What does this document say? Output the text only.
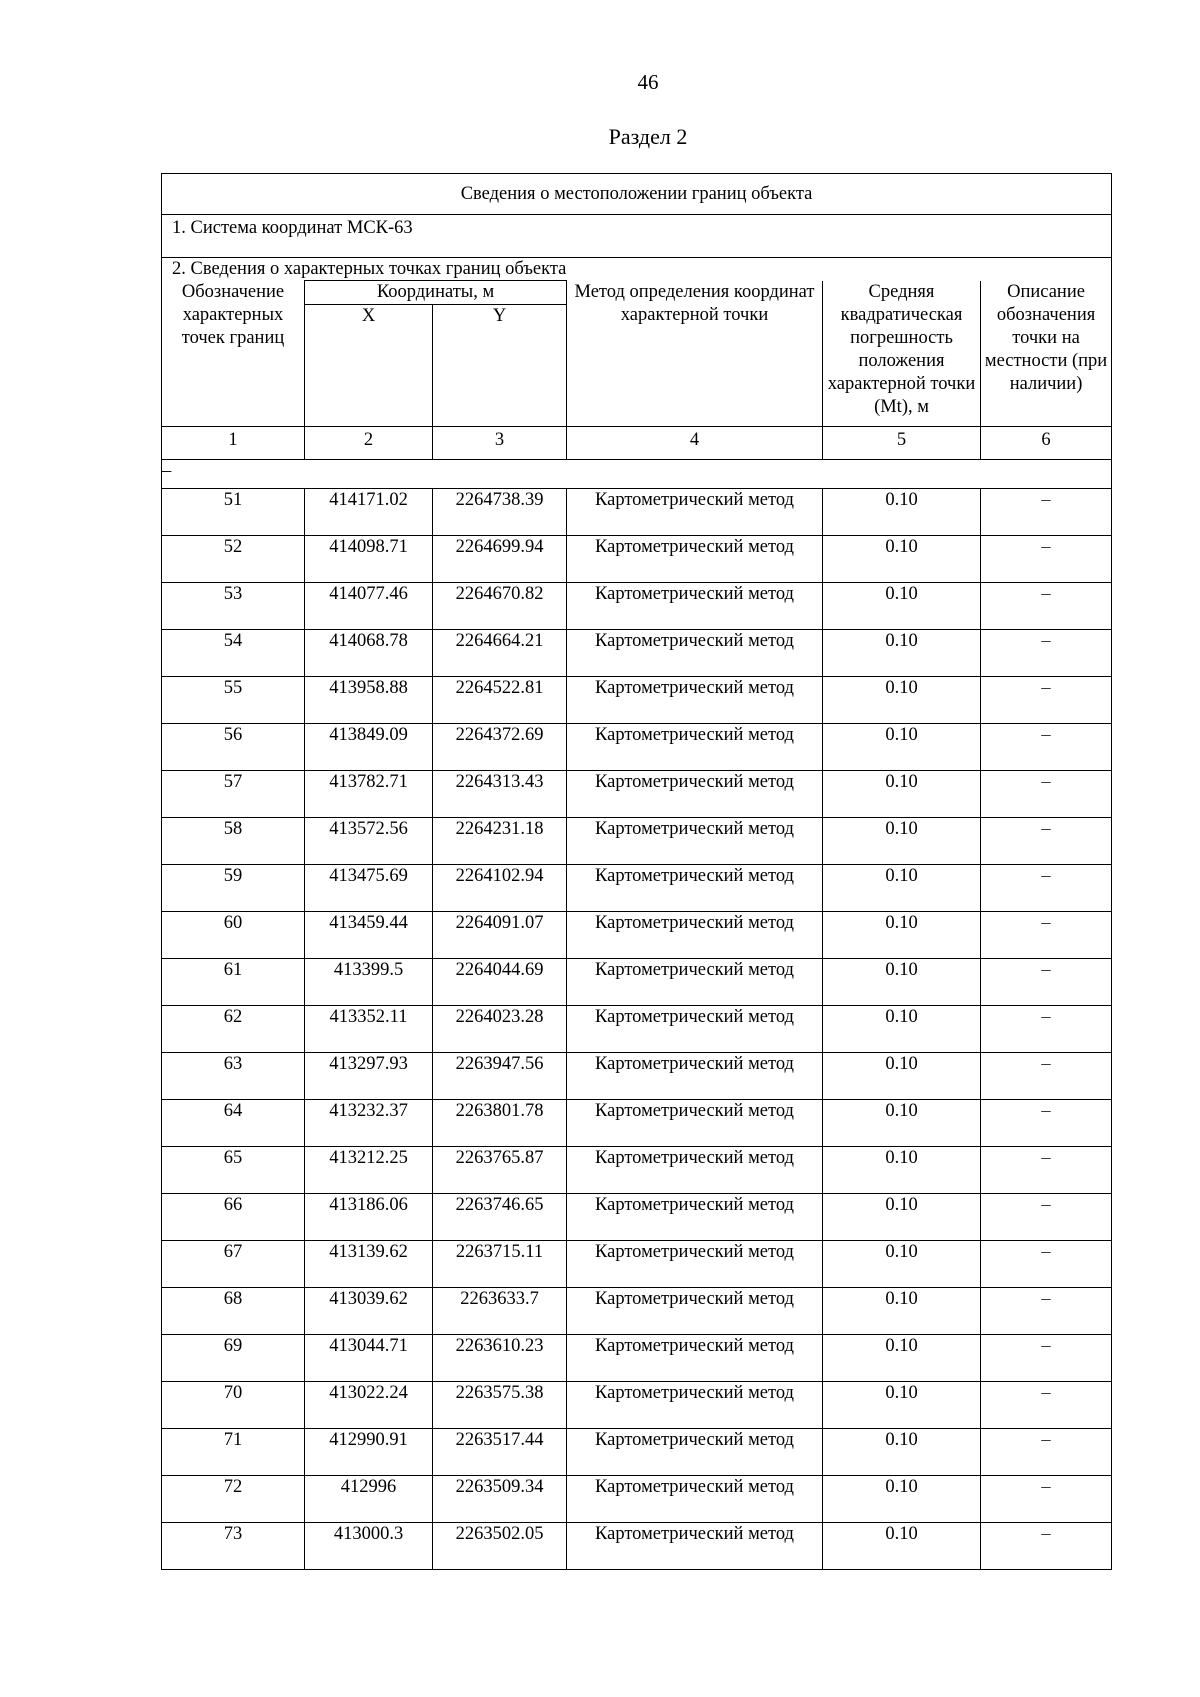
46
Раздел 2
Сведения о местоположении границ объекта					
1. Система координат МСК-63					
2. Сведения о характерных точках границ объекта					
Обозначение характерных точек границ	Координаты, м		Метод определения координат характерной точки	Средняя квадратическая погрешность положения характерной точки (Mt), м	Описание обозначения точки на местности (при наличии)
	X	Y			
1	2	3	4	5	6
–					
51	414171.02	2264738.39	Картометрический метод	0.10	–
52	414098.71	2264699.94	Картометрический метод	0.10	–
53	414077.46	2264670.82	Картометрический метод	0.10	–
54	414068.78	2264664.21	Картометрический метод	0.10	–
55	413958.88	2264522.81	Картометрический метод	0.10	–
56	413849.09	2264372.69	Картометрический метод	0.10	–
57	413782.71	2264313.43	Картометрический метод	0.10	–
58	413572.56	2264231.18	Картометрический метод	0.10	–
59	413475.69	2264102.94	Картометрический метод	0.10	–
60	413459.44	2264091.07	Картометрический метод	0.10	–
61	413399.5	2264044.69	Картометрический метод	0.10	–
62	413352.11	2264023.28	Картометрический метод	0.10	–
63	413297.93	2263947.56	Картометрический метод	0.10	–
64	413232.37	2263801.78	Картометрический метод	0.10	–
65	413212.25	2263765.87	Картометрический метод	0.10	–
66	413186.06	2263746.65	Картометрический метод	0.10	–
67	413139.62	2263715.11	Картометрический метод	0.10	–
68	413039.62	2263633.7	Картометрический метод	0.10	–
69	413044.71	2263610.23	Картометрический метод	0.10	–
70	413022.24	2263575.38	Картометрический метод	0.10	–
71	412990.91	2263517.44	Картометрический метод	0.10	–
72	412996	2263509.34	Картометрический метод	0.10	–
73	413000.3	2263502.05	Картометрический метод	0.10	–
